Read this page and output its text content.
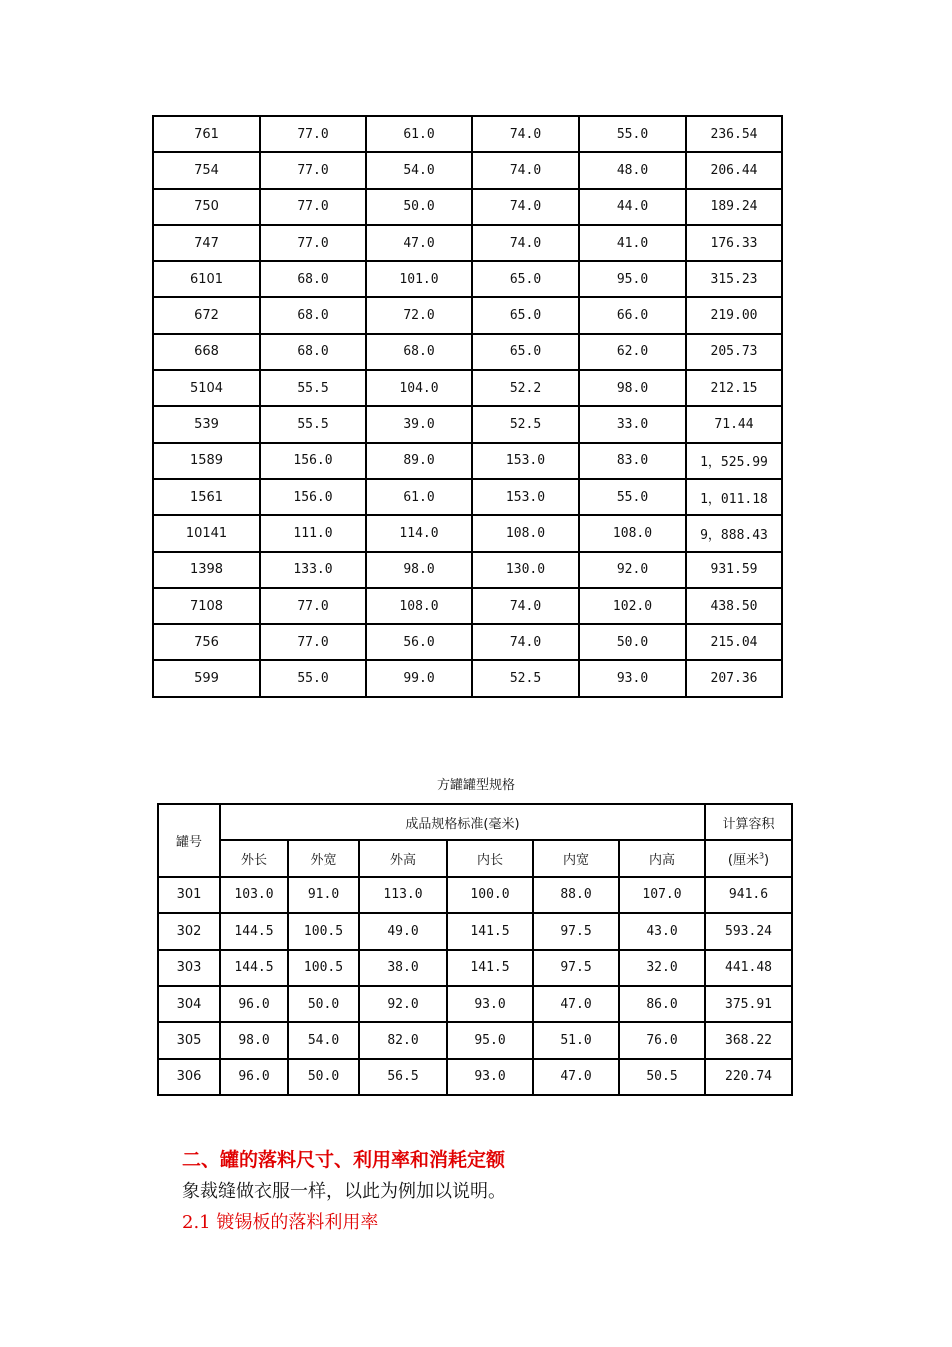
761	77.0	61.0	74.0	55.0	236.54
754	77.0	54.0	74.0	48.0	206.44
750	77.0	50.0	74.0	44.0	189.24
747	77.0	47.0	74.0	41.0	176.33
6101	68.0	101.0	65.0	95.0	315.23
672	68.0	72.0	65.0	66.0	219.00
668	68.0	68.0	65.0	62.0	205.73
5104	55.5	104.0	52.2	98.0	212.15
539	55.5	39.0	52.5	33.0	71.44
1589	156.0	89.0	153.0	83.0	1，525.99
1561	156.0	61.0	153.0	55.0	1，011.18
10141	111.0	114.0	108.0	108.0	9，888.43
1398	133.0	98.0	130.0	92.0	931.59
7108	77.0	108.0	74.0	102.0	438.50
756	77.0	56.0	74.0	50.0	215.04
599	55.0	99.0	52.5	93.0	207.36
方罐罐型规格
罐号	成品规格标准(毫米)						计算容积
	外长	外宽	外高	内长	内宽	内高	(厘米$^3$)
301	103.0	91.0	113.0	100.0	88.0	107.0	941.6
302	144.5	100.5	49.0	141.5	97.5	43.0	593.24
303	144.5	100.5	38.0	141.5	97.5	32.0	441.48
304	96.0	50.0	92.0	93.0	47.0	86.0	375.91
305	98.0	54.0	82.0	95.0	51.0	76.0	368.22
306	96.0	50.0	56.5	93.0	47.0	50.5	220.74
二、罐的落料尺寸、利用率和消耗定额
象裁缝做衣服一样，以此为例加以说明。
2.1 镀锡板的落料利用率
